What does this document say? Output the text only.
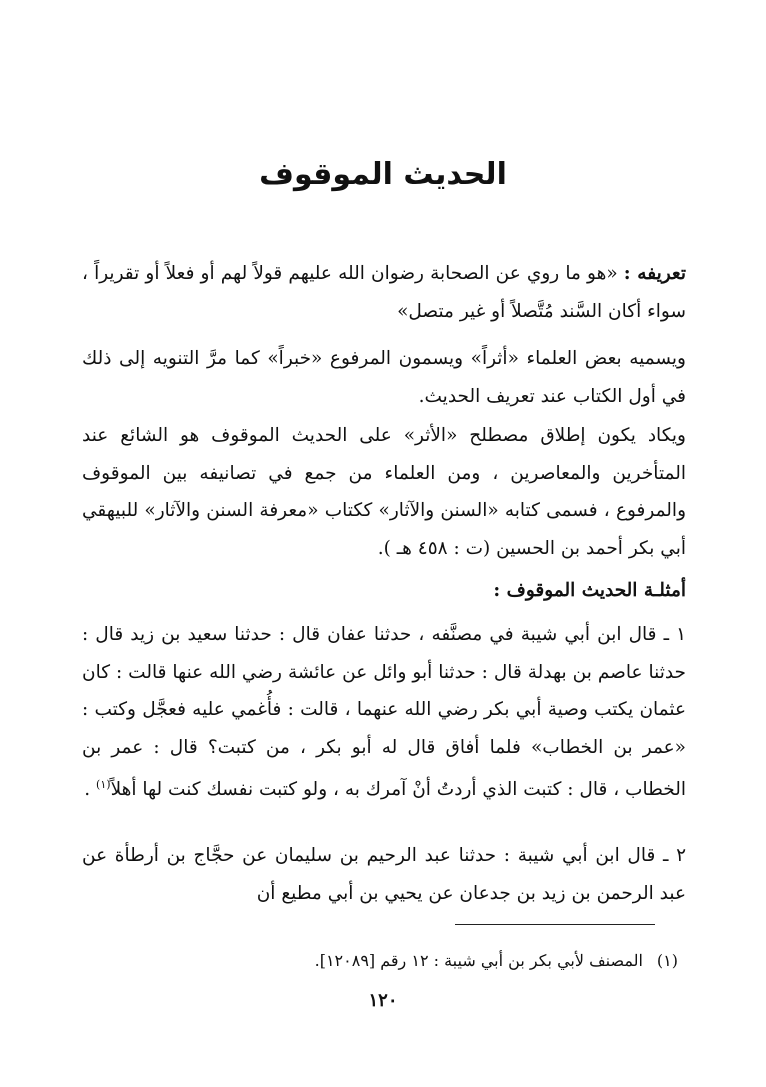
الحديث الموقوف

تعريفه : «هو ما روي عن الصحابة رضوان الله عليهم قولاً لهم أو فعلاً أو تقريراً ، سواء أكان السَّند مُتَّصلاً أو غير متصل»

ويسميه بعض العلماء «أثراً» ويسمون المرفوع «خبراً» كما مرَّ التنويه إلى ذلك في أول الكتاب عند تعريف الحديث.

ويكاد يكون إطلاق مصطلح «الأثر» على الحديث الموقوف هو الشائع عند المتأخرين والمعاصرين ، ومن العلماء من جمع في تصانيفه بين الموقوف والمرفوع ، فسمى كتابه «السنن والآثار» ككتاب «معرفة السنن والآثار» للبيهقي أبي بكر أحمد بن الحسين (ت : ٤٥٨ هـ ).

أمثلـة الحديث الموقوف :

١ ـ قال ابن أبي شيبة في مصنَّفه ، حدثنا عفان قال : حدثنا سعيد بن زيد قال : حدثنا عاصم بن بهدلة قال : حدثنا أبو وائل عن عائشة رضي الله عنها قالت : كان عثمان يكتب وصية أبي بكر رضي الله عنهما ، قالت : فأُغمي عليه فعجَّل وكتب : «عمر بن الخطاب» فلما أفاق قال له أبو بكر ، من كتبت؟ قال : عمر بن الخطاب ، قال : كتبت الذي أردتُ أنْ آمرك به ، ولو كتبت نفسك كنت لها أهلاً$^{(١)}$ .

٢ ـ قال ابن أبي شيبة : حدثنا عبد الرحيم بن سليمان عن حجَّاج بن أرطأة عن عبد الرحمن بن زيد بن جدعان عن يحيي بن أبي مطيع أن

(١)المصنف لأبي بكر بن أبي شيبة : ١٢ رقم [١٢٠٨٩].
١٢٠
